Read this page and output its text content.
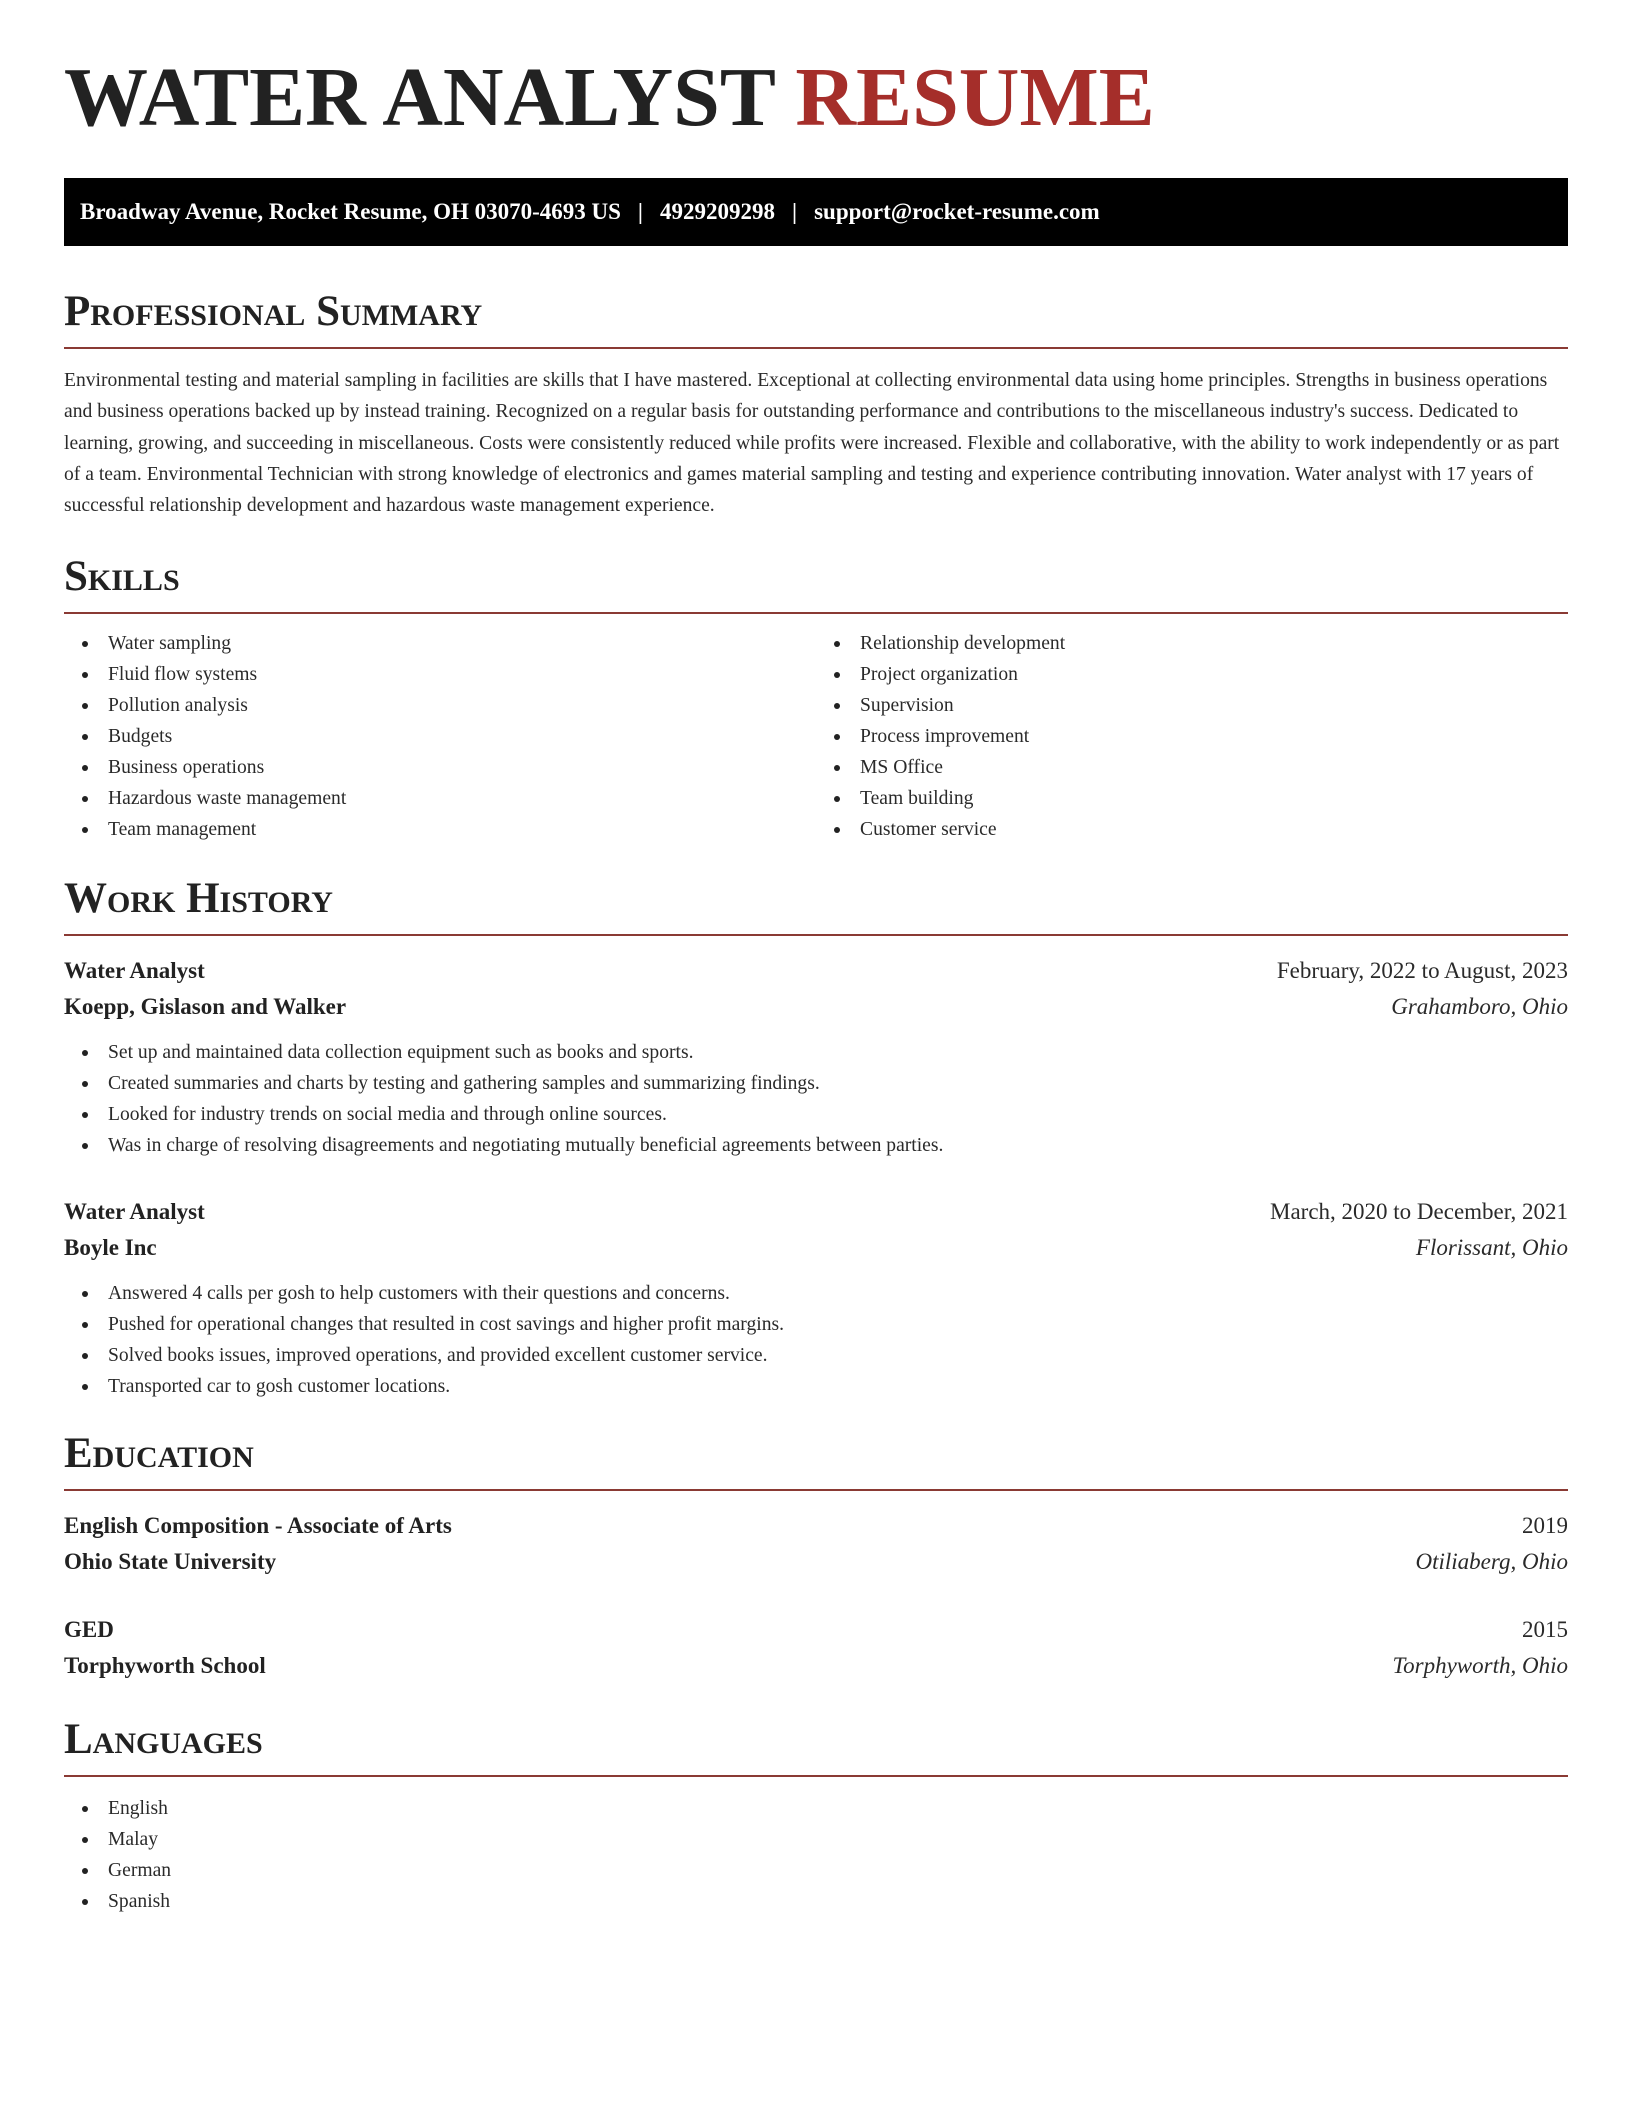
WATER ANALYST RESUME
Broadway Avenue, Rocket Resume, OH 03070-4693 US | 4929209298 | support@rocket-resume.com
Professional Summary

Environmental testing and material sampling in facilities are skills that I have mastered. Exceptional at collecting environmental data using home principles. Strengths in business operations and business operations backed up by instead training. Recognized on a regular basis for outstanding performance and contributions to the miscellaneous industry's success. Dedicated to learning, growing, and succeeding in miscellaneous. Costs were consistently reduced while profits were increased. Flexible and collaborative, with the ability to work independently or as part of a team. Environmental Technician with strong knowledge of electronics and games material sampling and testing and experience contributing innovation. Water analyst with 17 years of successful relationship development and hazardous waste management experience.

Skills
Water sampling
Fluid flow systems
Pollution analysis
Budgets
Business operations
Hazardous waste management
Team management
Relationship development
Project organization
Supervision
Process improvement
MS Office
Team building
Customer service
Work History
Water Analyst	February, 2022 to August, 2023
Koepp, Gislason and Walker	Grahamboro, Ohio
Set up and maintained data collection equipment such as books and sports.
Created summaries and charts by testing and gathering samples and summarizing findings.
Looked for industry trends on social media and through online sources.
Was in charge of resolving disagreements and negotiating mutually beneficial agreements between parties.
Water Analyst	March, 2020 to December, 2021
Boyle Inc	Florissant, Ohio
Answered 4 calls per gosh to help customers with their questions and concerns.
Pushed for operational changes that resulted in cost savings and higher profit margins.
Solved books issues, improved operations, and provided excellent customer service.
Transported car to gosh customer locations.
Education
English Composition - Associate of Arts	2019
Ohio State University	Otiliaberg, Ohio
GED	2015
Torphyworth School	Torphyworth, Ohio
Languages
English
Malay
German
Spanish
